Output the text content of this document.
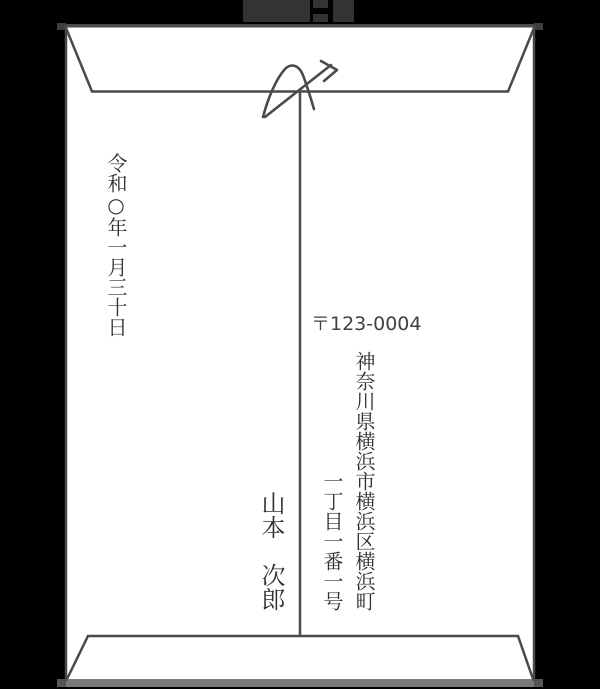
令和○年一月三十日	〒123-0004
神奈川県横浜市横浜区横浜町
一丁目一番一号
山本　次郎
